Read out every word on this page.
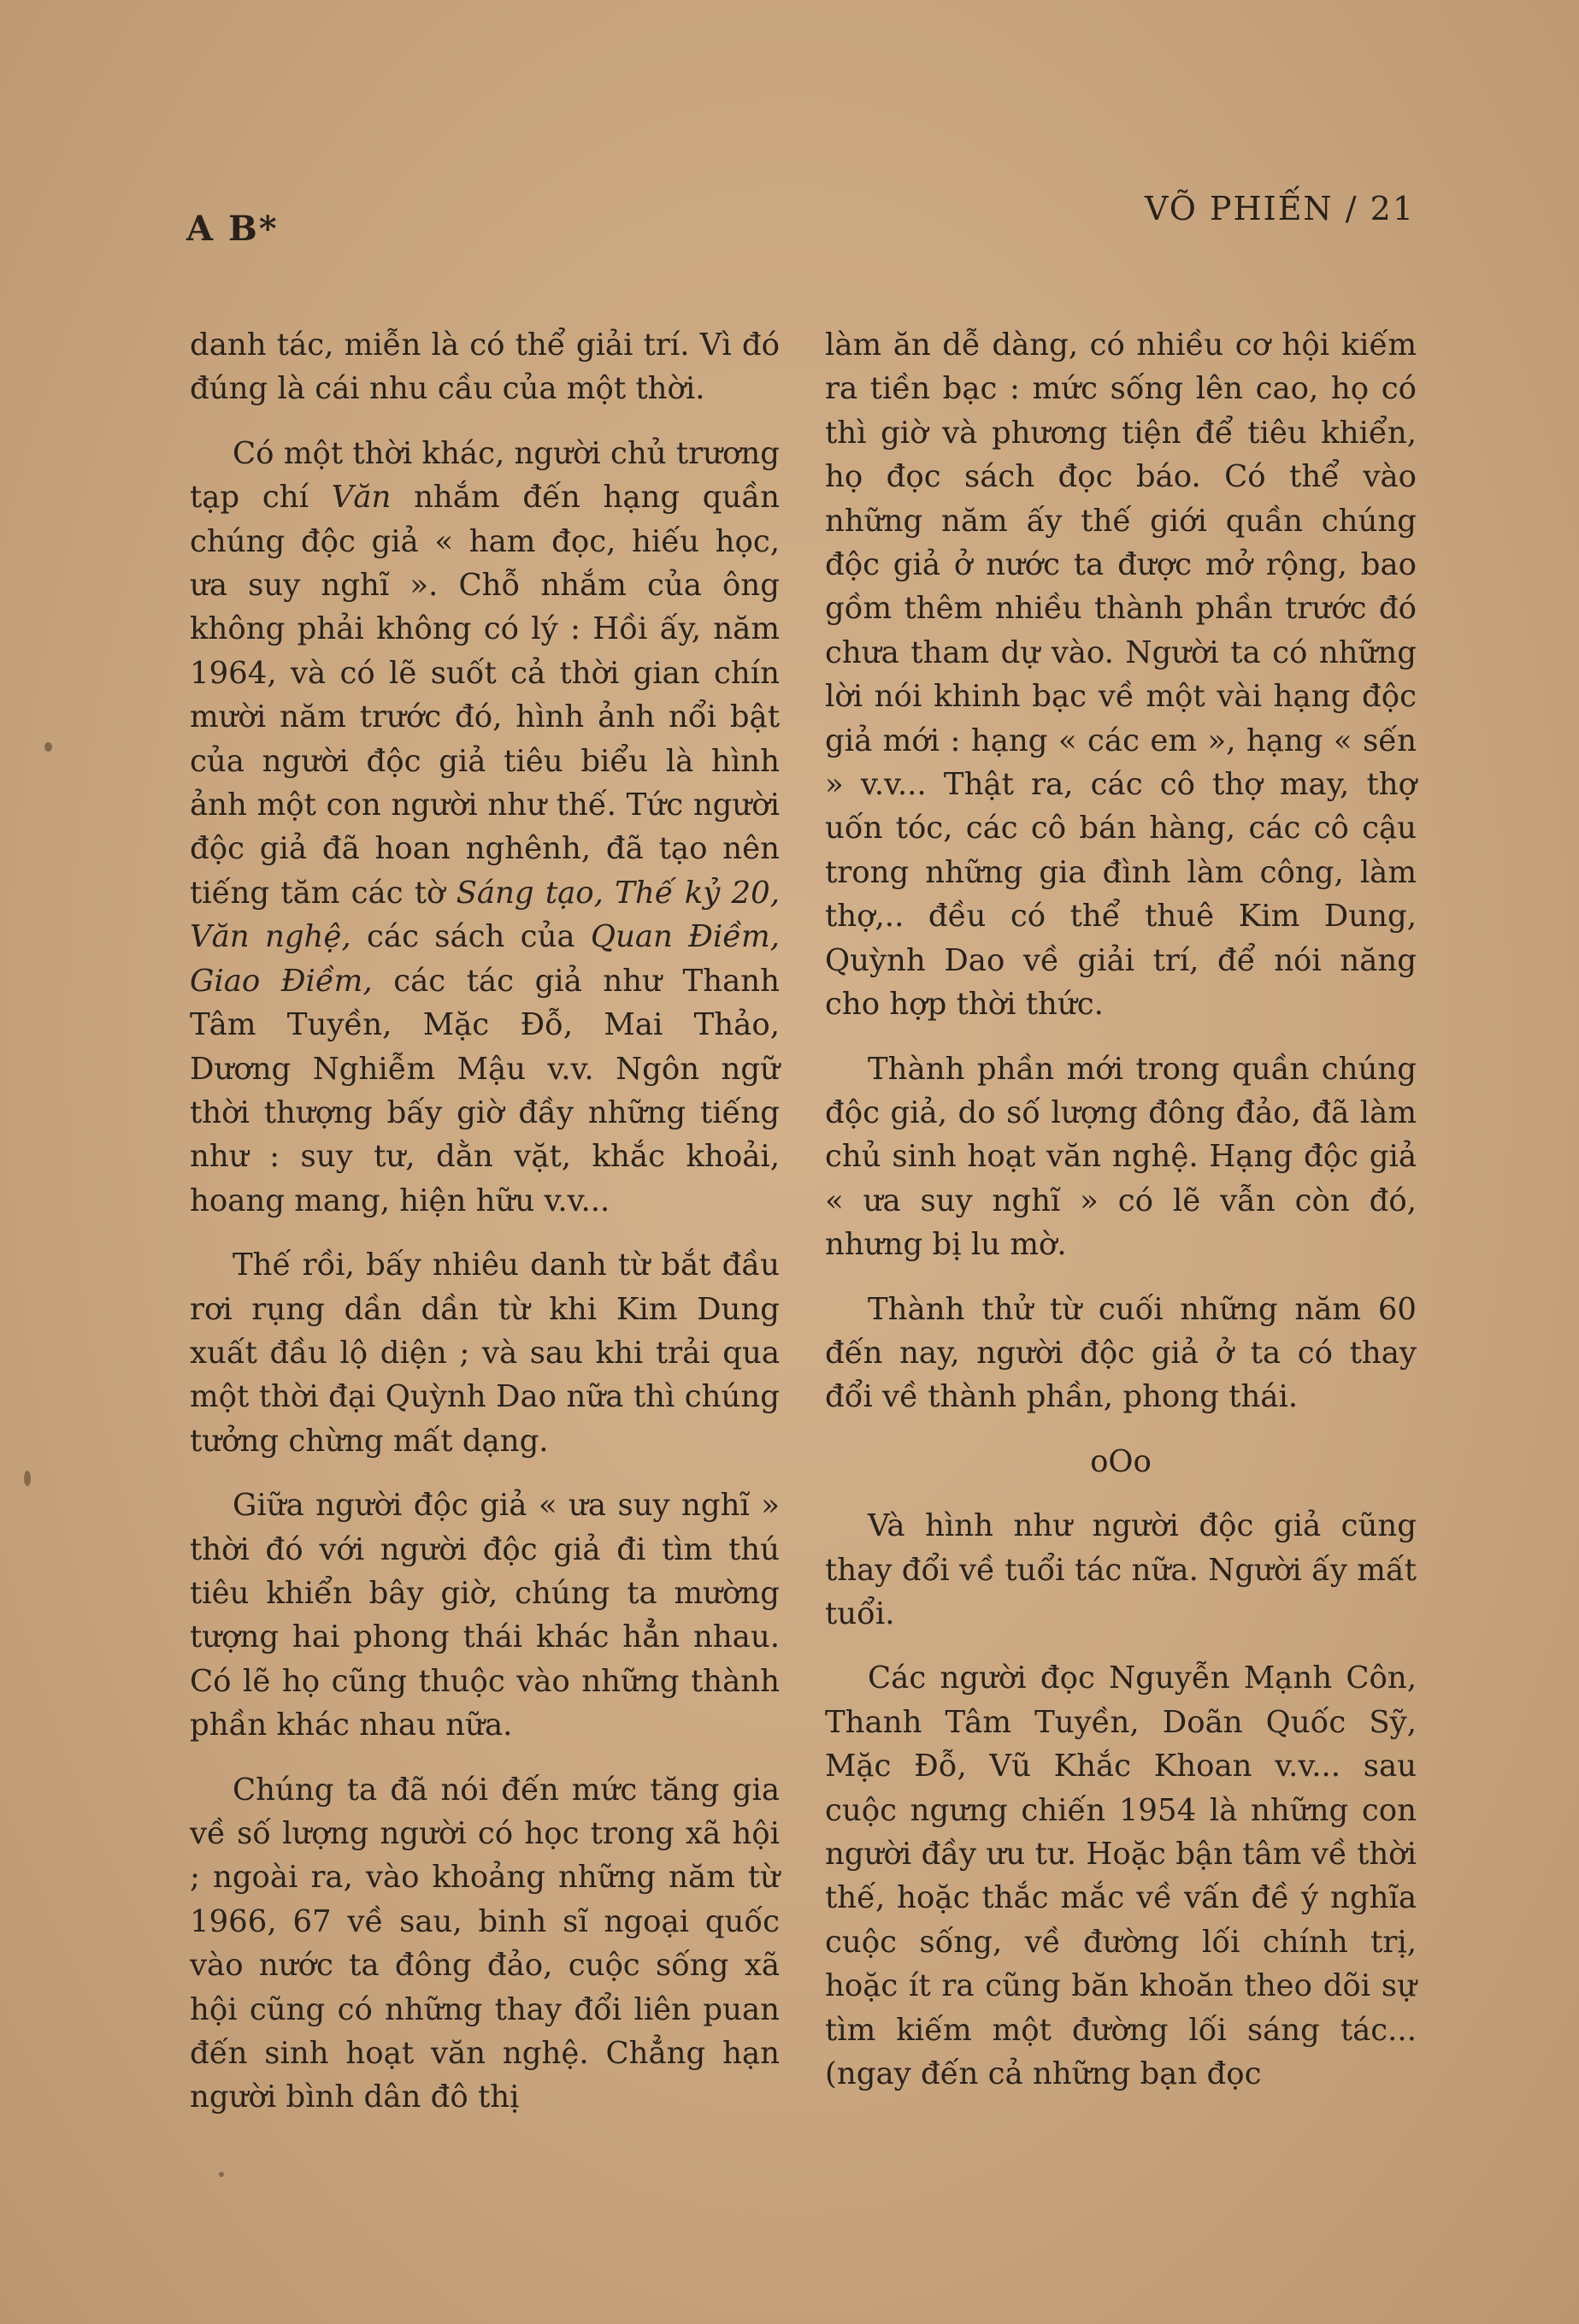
A B*	VÕ PHIẾN / 21

danh tác, miễn là có thể giải trí. Vì đó đúng là cái nhu cầu của một thời.

Có một thời khác, người chủ trương tạp chí Văn nhắm đến hạng quần chúng độc giả « ham đọc, hiếu học, ưa suy nghĩ ». Chỗ nhắm của ông không phải không có lý : Hồi ấy, năm 1964, và có lẽ suốt cả thời gian chín mười năm trước đó, hình ảnh nổi bật của người độc giả tiêu biểu là hình ảnh một con người như thế. Tức người độc giả đã hoan nghênh, đã tạo nên tiếng tăm các tờ Sáng tạo, Thế kỷ 20, Văn nghệ, các sách của Quan Điềm, Giao Điềm, các tác giả như Thanh Tâm Tuyền, Mặc Đỗ, Mai Thảo, Dương Nghiễm Mậu v.v. Ngôn ngữ thời thượng bấy giờ đầy những tiếng như : suy tư, dằn vặt, khắc khoải, hoang mang, hiện hữu v.v...

Thế rồi, bấy nhiêu danh từ bắt đầu rơi rụng dần dần từ khi Kim Dung xuất đầu lộ diện ; và sau khi trải qua một thời đại Quỳnh Dao nữa thì chúng tưởng chừng mất dạng.

Giữa người độc giả « ưa suy nghĩ » thời đó với người độc giả đi tìm thú tiêu khiển bây giờ, chúng ta mường tượng hai phong thái khác hẳn nhau. Có lẽ họ cũng thuộc vào những thành phần khác nhau nữa.

Chúng ta đã nói đến mức tăng gia về số lượng người có học trong xã hội ; ngoài ra, vào khoảng những năm từ 1966, 67 về sau, binh sĩ ngoại quốc vào nước ta đông đảo, cuộc sống xã hội cũng có những thay đổi liên puan đến sinh hoạt văn nghệ. Chẳng hạn người bình dân đô thị

làm ăn dễ dàng, có nhiều cơ hội kiếm ra tiền bạc : mức sống lên cao, họ có thì giờ và phương tiện để tiêu khiển, họ đọc sách đọc báo. Có thể vào những năm ấy thế giới quần chúng độc giả ở nước ta được mở rộng, bao gồm thêm nhiều thành phần trước đó chưa tham dự vào. Người ta có những lời nói khinh bạc về một vài hạng độc giả mới : hạng « các em », hạng « sến » v.v... Thật ra, các cô thợ may, thợ uốn tóc, các cô bán hàng, các cô cậu trong những gia đình làm công, làm thợ,.. đều có thể thuê Kim Dung, Quỳnh Dao về giải trí, để nói năng cho hợp thời thức.

Thành phần mới trong quần chúng độc giả, do số lượng đông đảo, đã làm chủ sinh hoạt văn nghệ. Hạng độc giả « ưa suy nghĩ » có lẽ vẫn còn đó, nhưng bị lu mờ.

Thành thử từ cuối những năm 60 đến nay, người độc giả ở ta có thay đổi về thành phần, phong thái.

oOo

Và hình như người độc giả cũng thay đổi về tuổi tác nữa. Người ấy mất tuổi.

Các người đọc Nguyễn Mạnh Côn, Thanh Tâm Tuyền, Doãn Quốc Sỹ, Mặc Đỗ, Vũ Khắc Khoan v.v... sau cuộc ngưng chiến 1954 là những con người đầy ưu tư. Hoặc bận tâm về thời thế, hoặc thắc mắc về vấn đề ý nghĩa cuộc sống, về đường lối chính trị, hoặc ít ra cũng băn khoăn theo dõi sự tìm kiếm một đường lối sáng tác... (ngay đến cả những bạn đọc
